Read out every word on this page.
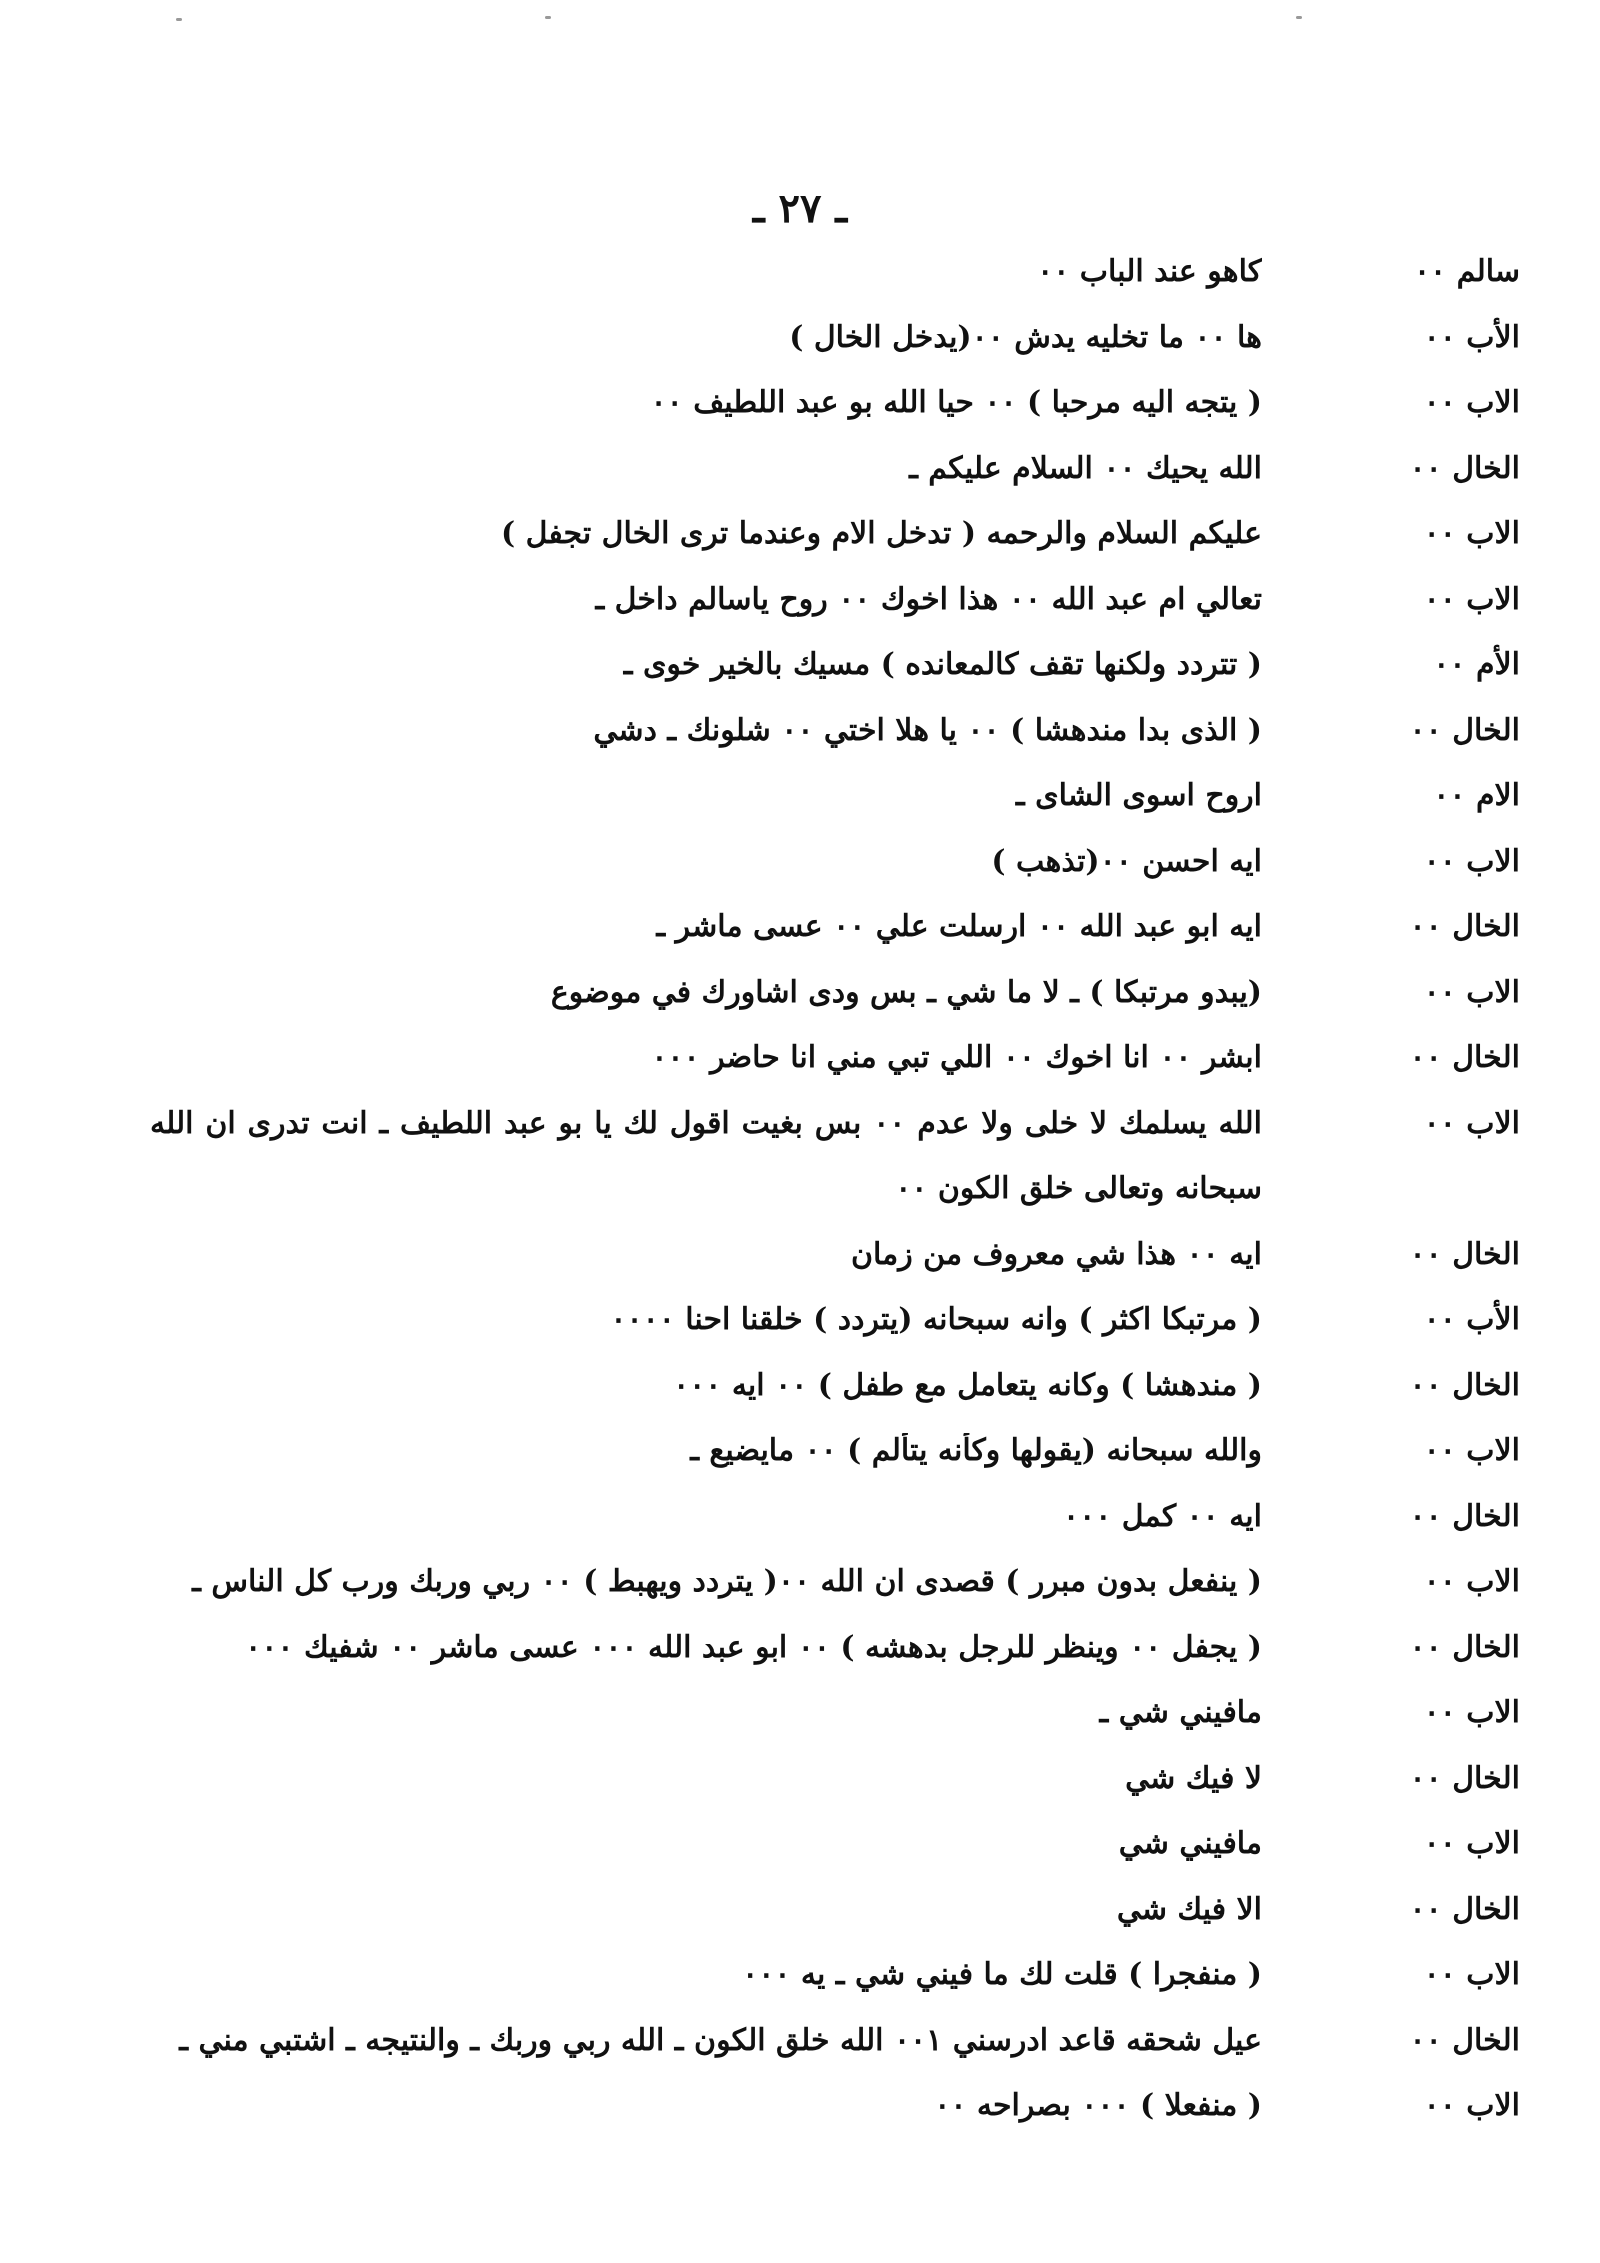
ـ ٢٧ ـ
سالم ٠٠
كاهو عند الباب ٠٠
الأب ٠٠
ها ٠٠ ما تخليه يدش ٠٠(يدخل الخال )
الاب ٠٠
( يتجه اليه مرحبا ) ٠٠ حيا الله بو عبد اللطيف ٠٠
الخال ٠٠
الله يحيك ٠٠ السلام عليكم ـ
الاب ٠٠
عليكم السلام والرحمه ( تدخل الام وعندما ترى الخال تجفل )
الاب ٠٠
تعالي ام عبد الله ٠٠ هذا اخوك ٠٠ روح ياسالم داخل ـ
الأم ٠٠
( تتردد ولكنها تقف كالمعانده ) مسيك بالخير خوى ـ
الخال ٠٠
( الذى بدا مندهشا ) ٠٠ يا هلا اختي ٠٠ شلونك ـ دشي
الام ٠٠
اروح اسوى الشاى ـ
الاب ٠٠
ايه احسن ٠٠(تذهب )
الخال ٠٠
ايه ابو عبد الله ٠٠ ارسلت علي ٠٠ عسى ماشر ـ
الاب ٠٠
(يبدو مرتبكا ) ـ لا ما شي ـ بس ودى اشاورك في موضوع
الخال ٠٠
ابشر ٠٠ انا اخوك ٠٠ اللي تبي مني انا حاضر ٠٠٠
الاب ٠٠
الله يسلمك لا خلى ولا عدم ٠٠ بس بغيت اقول لك يا بو عبد اللطيف ـ انت تدرى ان الله
سبحانه وتعالى خلق الكون ٠٠
الخال ٠٠
ايه ٠٠ هذا شي معروف من زمان
الأب ٠٠
( مرتبكا اكثر ) وانه سبحانه (يتردد ) خلقنا احنا ٠٠٠٠
الخال ٠٠
( مندهشا ) وكانه يتعامل مع طفل ) ٠٠ ايه ٠٠٠
الاب ٠٠
والله سبحانه (يقولها وكأنه يتألم ) ٠٠ مايضيع ـ
الخال ٠٠
ايه ٠٠ كمل ٠٠٠
الاب ٠٠
( ينفعل بدون مبرر ) قصدى ان الله ٠٠( يتردد ويهبط ) ٠٠ ربي وربك ورب كل الناس ـ
الخال ٠٠
( يجفل ٠٠ وينظر للرجل بدهشه ) ٠٠ ابو عبد الله ٠٠٠ عسى ماشر ٠٠ شفيك ٠٠٠
الاب ٠٠
مافيني شي ـ
الخال ٠٠
لا فيك شي
الاب ٠٠
مافيني شي
الخال ٠٠
الا فيك شي
الاب ٠٠
( منفجرا ) قلت لك ما فيني شي ـ يه ٠٠٠
الخال ٠٠
عيل شحقه قاعد ادرسني ٠٠١ الله خلق الكون ـ الله ربي وربك ـ والنتيجه ـ اشتبي مني ـ
الاب ٠٠
( منفعلا ) ٠٠٠ بصراحه ٠٠
